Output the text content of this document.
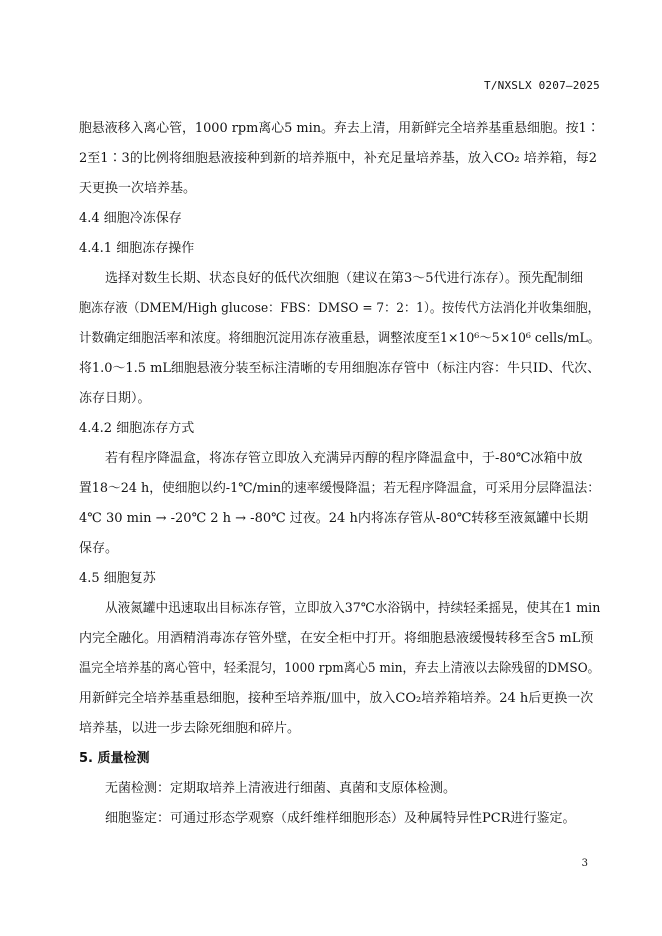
T/NXSLX 0207—2025
胞悬液移入离心管，1000 rpm离心5 min。弃去上清，用新鲜完全培养基重悬细胞。按1∶
2至1∶3的比例将细胞悬液接种到新的培养瓶中，补充足量培养基，放入CO₂ 培养箱，每2
天更换一次培养基。
4.4 细胞冷冻保存
4.4.1 细胞冻存操作
选择对数生长期、状态良好的低代次细胞（建议在第3～5代进行冻存）。预先配制细
胞冻存液（DMEM/High glucose：FBS：DMSO = 7：2：1）。按传代方法消化并收集细胞，
计数确定细胞活率和浓度。将细胞沉淀用冻存液重悬，调整浓度至1×10⁶～5×10⁶ cells/mL。
将1.0～1.5 mL细胞悬液分装至标注清晰的专用细胞冻存管中（标注内容：牛只ID、代次、
冻存日期）。
4.4.2 细胞冻存方式
若有程序降温盒，将冻存管立即放入充满异丙醇的程序降温盒中，于-80℃冰箱中放
置18～24 h，使细胞以约-1℃/min的速率缓慢降温；若无程序降温盒，可采用分层降温法：
4℃ 30 min → -20℃ 2 h → -80℃ 过夜。24 h内将冻存管从-80℃转移至液氮罐中长期
保存。
4.5 细胞复苏
从液氮罐中迅速取出目标冻存管，立即放入37℃水浴锅中，持续轻柔摇晃，使其在1 min
内完全融化。用酒精消毒冻存管外壁，在安全柜中打开。将细胞悬液缓慢转移至含5 mL预
温完全培养基的离心管中，轻柔混匀，1000 rpm离心5 min，弃去上清液以去除残留的DMSO。
用新鲜完全培养基重悬细胞，接种至培养瓶/皿中，放入CO₂培养箱培养。24 h后更换一次
培养基，以进一步去除死细胞和碎片。
5. 质量检测
无菌检测：定期取培养上清液进行细菌、真菌和支原体检测。
细胞鉴定：可通过形态学观察（成纤维样细胞形态）及种属特异性PCR进行鉴定。
3
